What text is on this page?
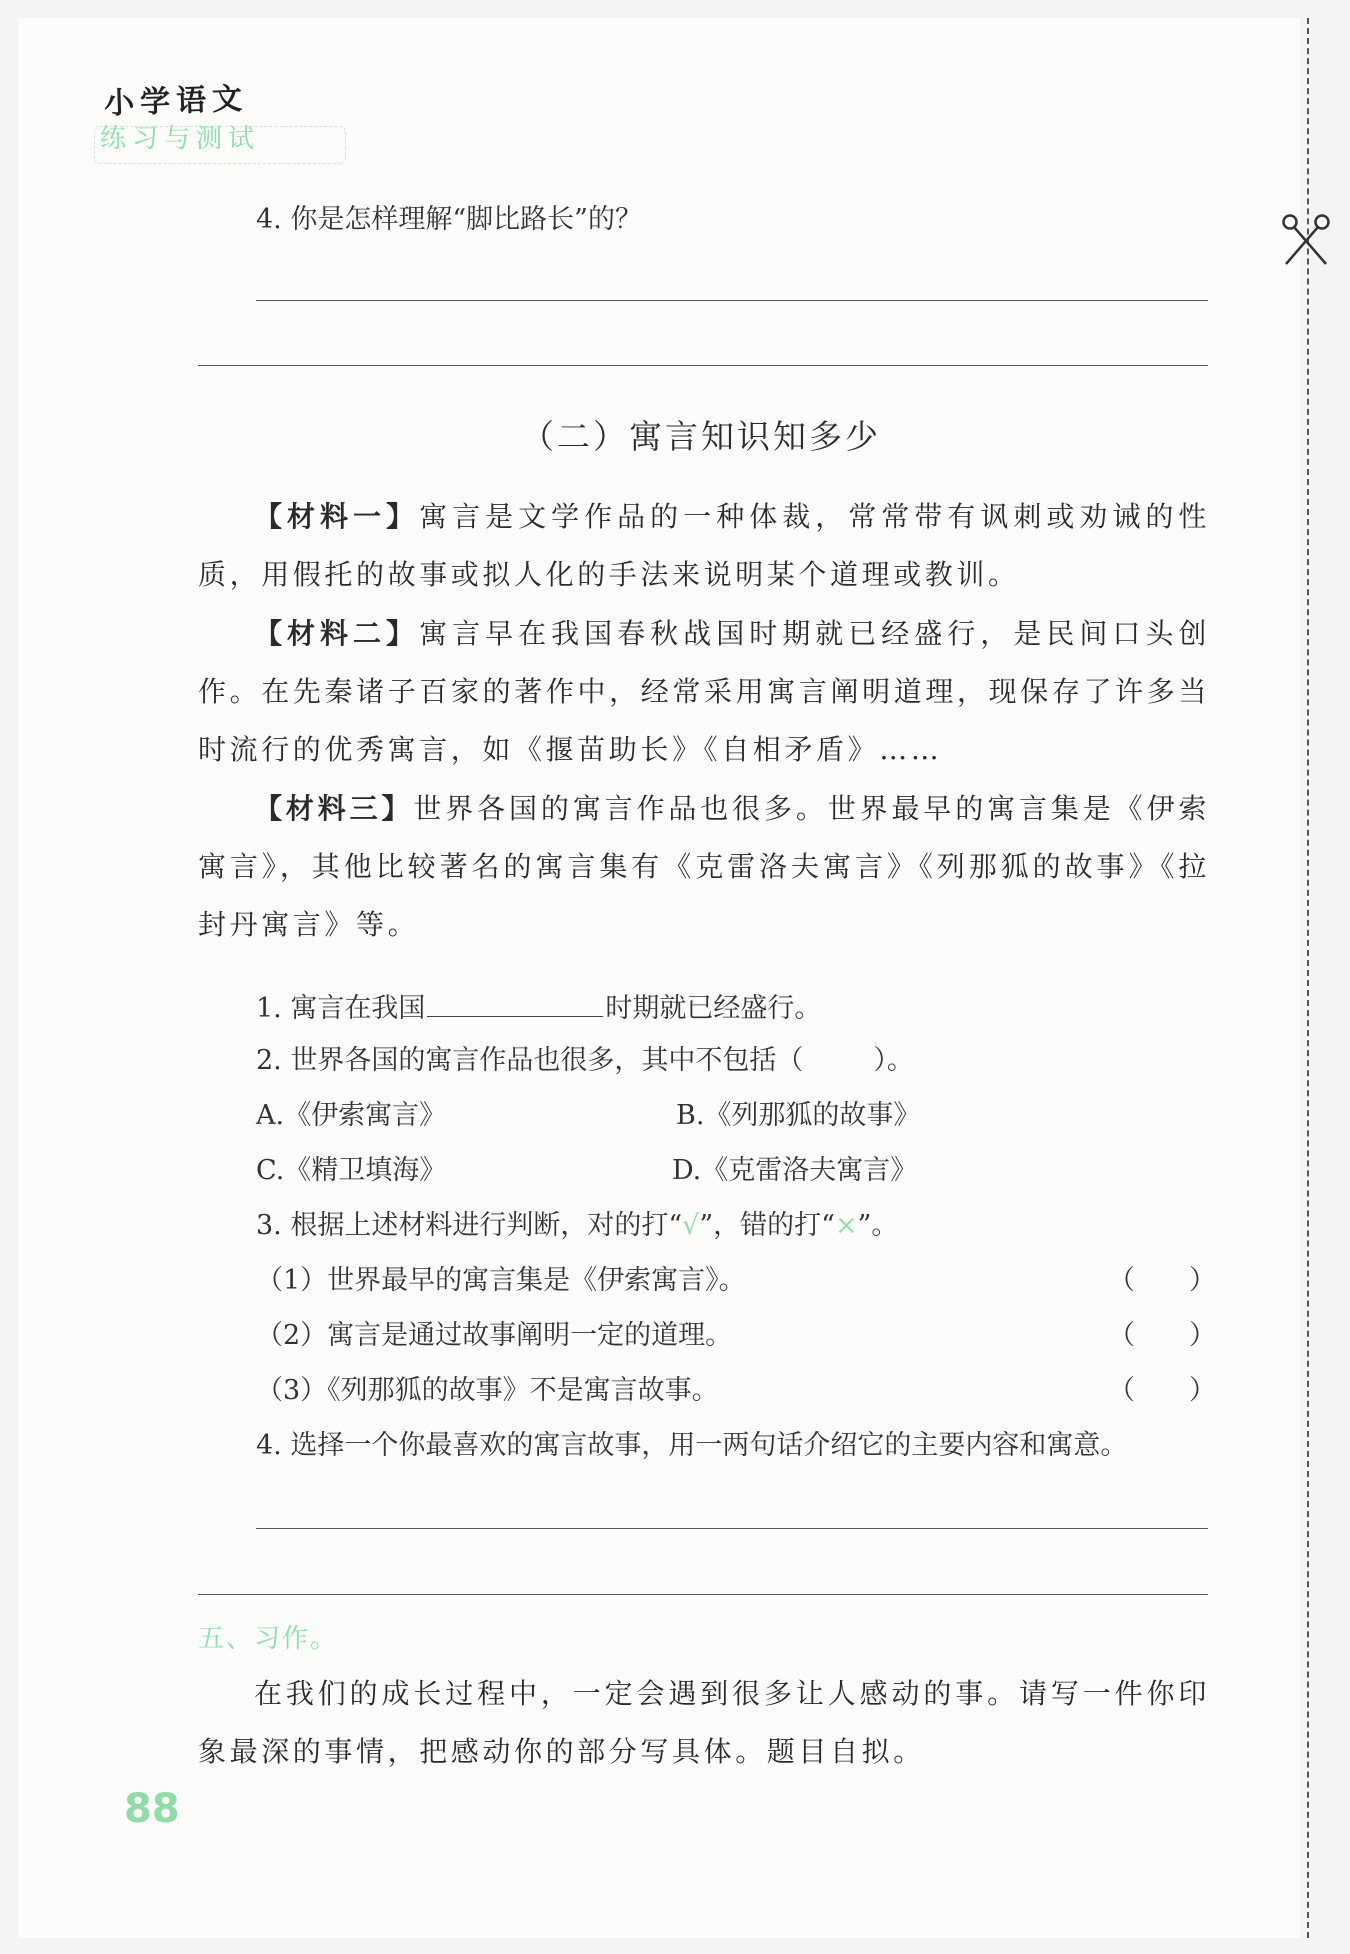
小学语文
练习与测试
4. 你是怎样理解“脚比路长”的？
（二）寓言知识知多少
【材料一】寓言是文学作品的一种体裁，常常带有讽刺或劝诫的性质，用假托的故事或拟人化的手法来说明某个道理或教训。
【材料二】寓言早在我国春秋战国时期就已经盛行，是民间口头创作。在先秦诸子百家的著作中，经常采用寓言阐明道理，现保存了许多当时流行的优秀寓言，如《揠苗助长》《自相矛盾》……
【材料三】世界各国的寓言作品也很多。世界最早的寓言集是《伊索寓言》，其他比较著名的寓言集有《克雷洛夫寓言》《列那狐的故事》《拉封丹寓言》等。
1. 寓言在我国	时期就已经盛行。
2. 世界各国的寓言作品也很多，其中不包括（	）。
A.《伊索寓言》	B.《列那狐的故事》
C.《精卫填海》	D.《克雷洛夫寓言》
3. 根据上述材料进行判断，对的打“√”，错的打“×”。
（1）世界最早的寓言集是《伊索寓言》。	（　　）
（2）寓言是通过故事阐明一定的道理。	（　　）
（3）《列那狐的故事》不是寓言故事。	（　　）
4. 选择一个你最喜欢的寓言故事，用一两句话介绍它的主要内容和寓意。
五、习作。
在我们的成长过程中，一定会遇到很多让人感动的事。请写一件你印象最深的事情，把感动你的部分写具体。题目自拟。
88
